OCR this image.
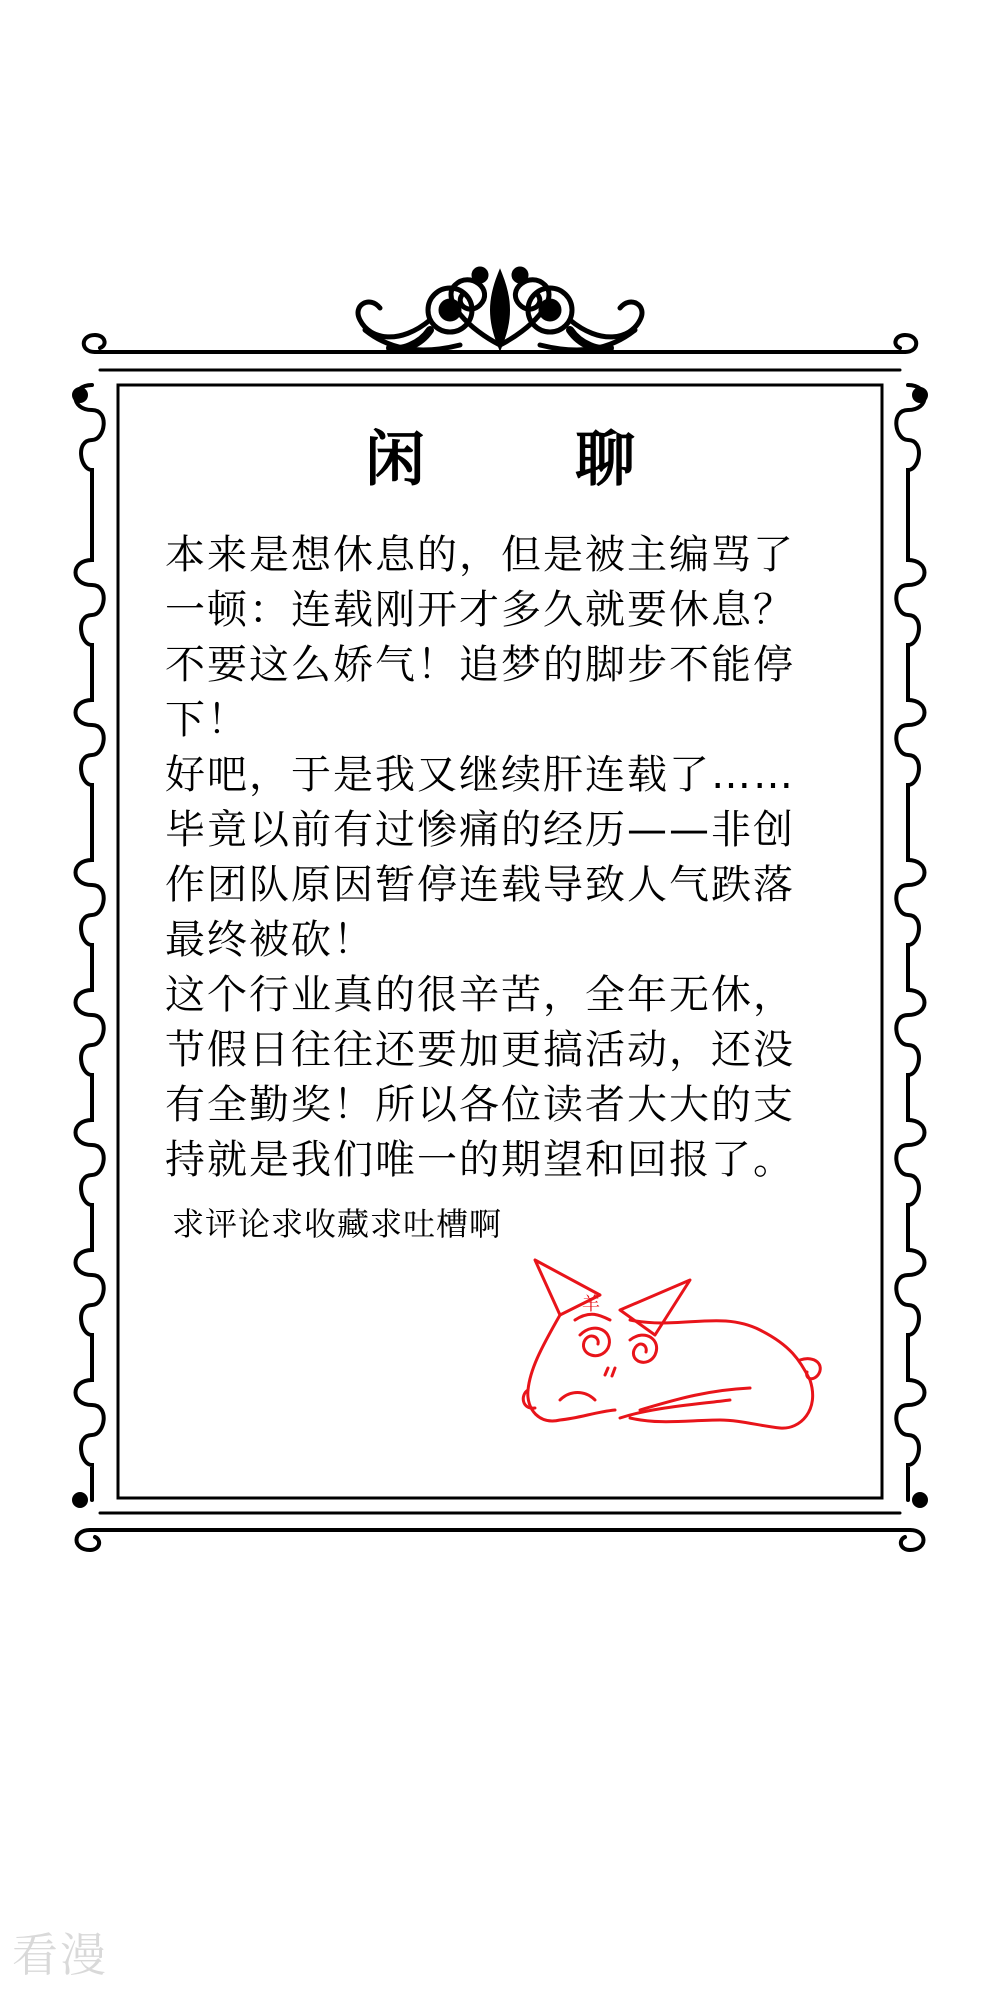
闲	聊

本来是想休息的，但是被主编骂了

一顿：连载刚开才多久就要休息？

不要这么娇气！追梦的脚步不能停

下！

好吧，于是我又继续肝连载了……

毕竟以前有过惨痛的经历——非创

作团队原因暂停连载导致人气跌落

最终被砍！

这个行业真的很辛苦，全年无休，

节假日往往还要加更搞活动，还没

有全勤奖！所以各位读者大大的支

持就是我们唯一的期望和回报了。

求评论求收藏求吐槽啊
羊
看漫
